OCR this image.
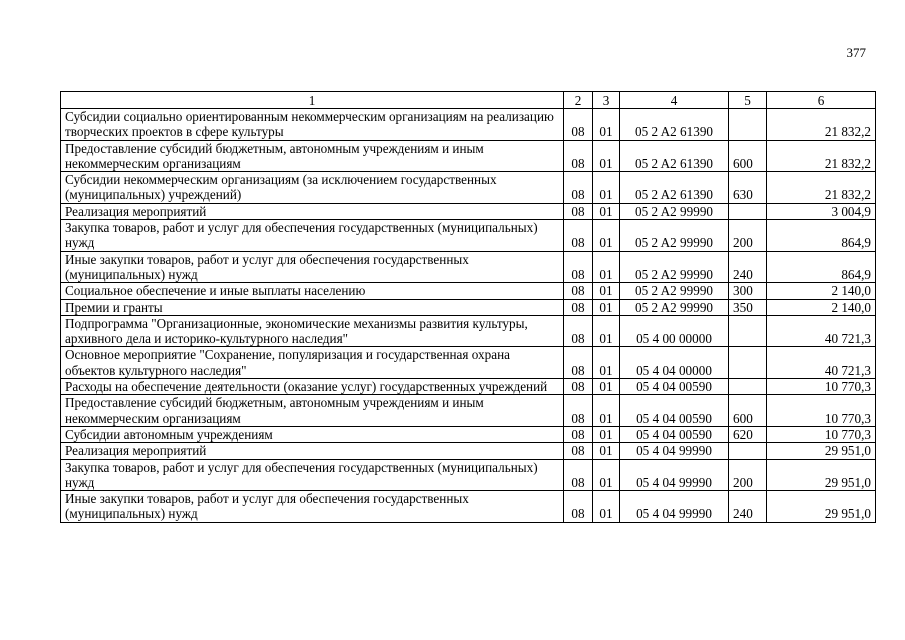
377
1	2	3	4	5	6
Субсидии социально ориентированным некоммерческим организациям на реализацию творческих проектов в сфере культуры	08	01	05 2 A2 61390		21 832,2
Предоставление субсидий бюджетным, автономным учреждениям и иным некоммерческим организациям	08	01	05 2 A2 61390	600	21 832,2
Субсидии некоммерческим организациям (за исключением государственных (муниципальных) учреждений)	08	01	05 2 A2 61390	630	21 832,2
Реализация мероприятий	08	01	05 2 A2 99990		3 004,9
Закупка товаров, работ и услуг для обеспечения государственных (муниципальных) нужд	08	01	05 2 A2 99990	200	864,9
Иные закупки товаров, работ и услуг для обеспечения государственных (муниципальных) нужд	08	01	05 2 A2 99990	240	864,9
Социальное обеспечение и иные выплаты населению	08	01	05 2 A2 99990	300	2 140,0
Премии и гранты	08	01	05 2 A2 99990	350	2 140,0
Подпрограмма "Организационные, экономические механизмы развития культуры, архивного дела и историко-культурного наследия"	08	01	05 4 00 00000		40 721,3
Основное мероприятие "Сохранение, популяризация и государственная охрана объектов культурного наследия"	08	01	05 4 04 00000		40 721,3
Расходы на обеспечение деятельности (оказание услуг) государственных учреждений	08	01	05 4 04 00590		10 770,3
Предоставление субсидий бюджетным, автономным учреждениям и иным некоммерческим организациям	08	01	05 4 04 00590	600	10 770,3
Субсидии автономным учреждениям	08	01	05 4 04 00590	620	10 770,3
Реализация мероприятий	08	01	05 4 04 99990		29 951,0
Закупка товаров, работ и услуг для обеспечения государственных (муниципальных) нужд	08	01	05 4 04 99990	200	29 951,0
Иные закупки товаров, работ и услуг для обеспечения государственных (муниципальных) нужд	08	01	05 4 04 99990	240	29 951,0
